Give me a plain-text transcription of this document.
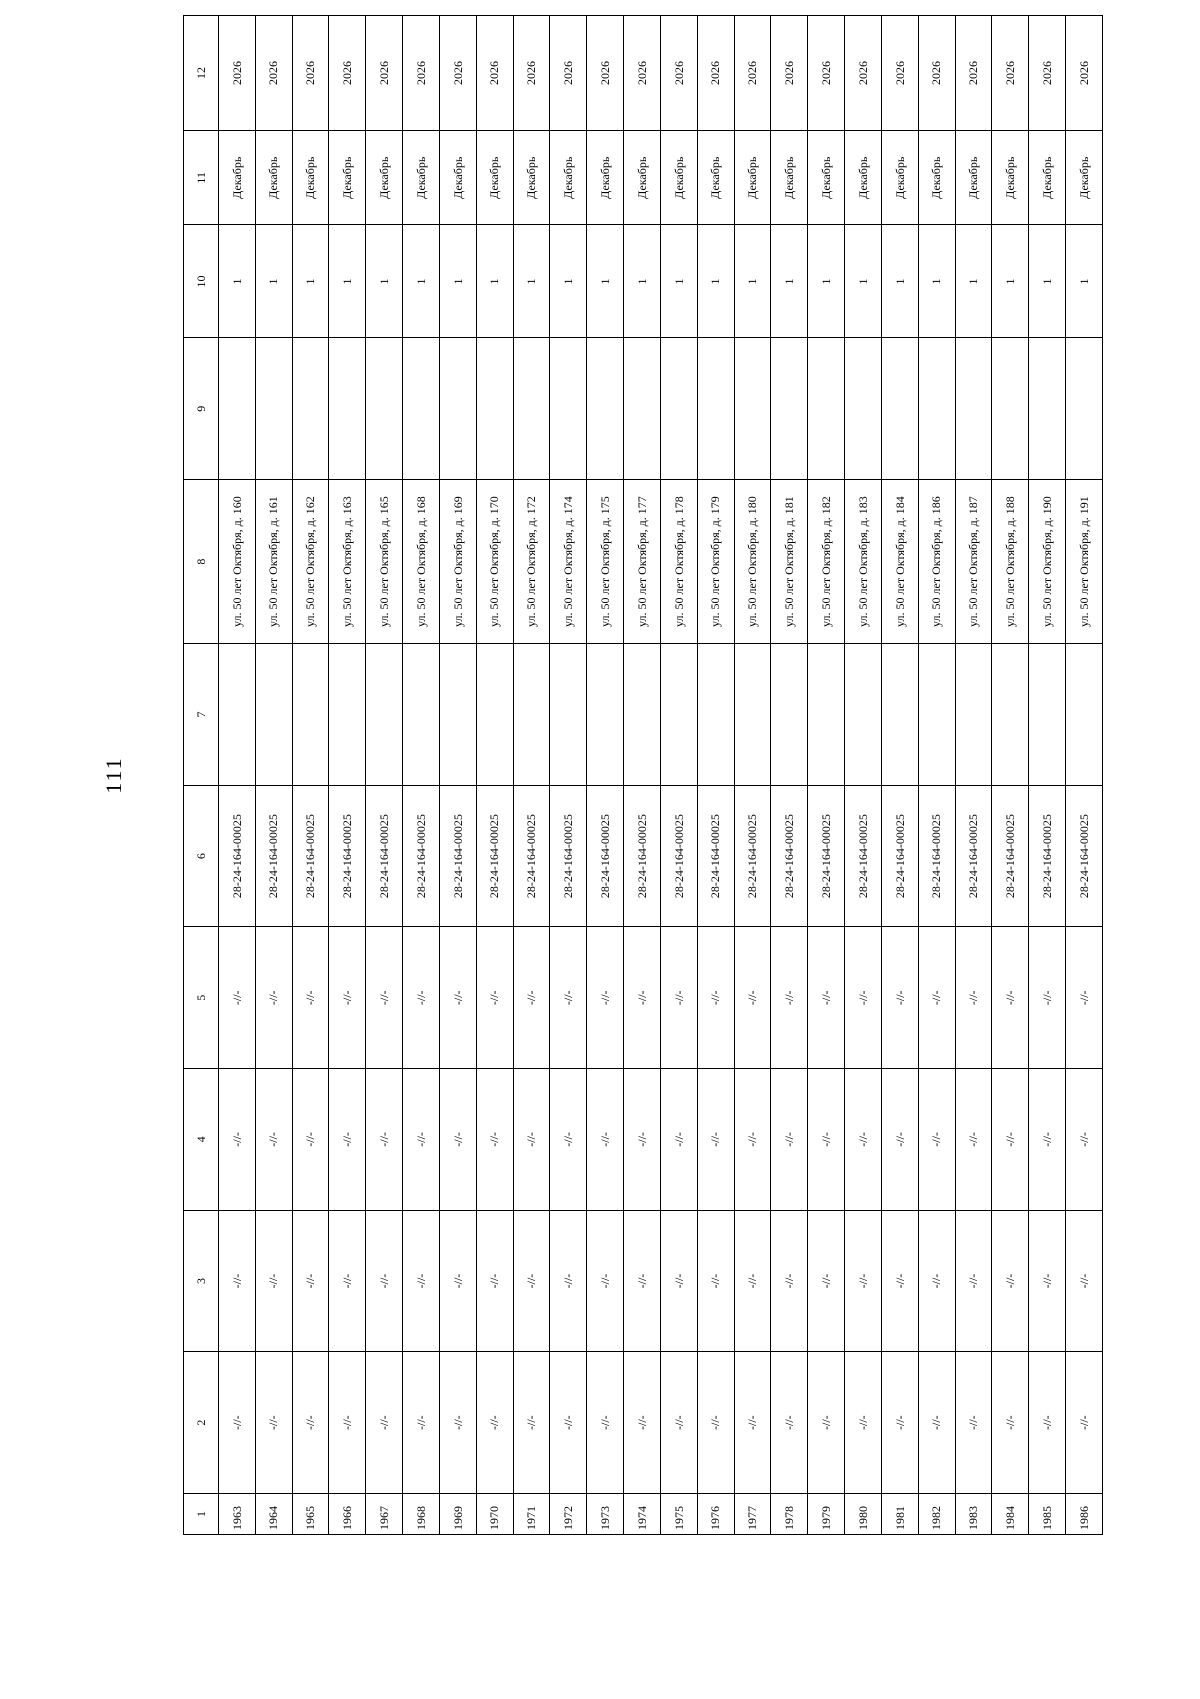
111
1	2	3	4	5	6	7	8	9	10	11	12
1963	-//-	-//-	-//-	-//-	28-24-164-00025		ул. 50 лет Октября, д. 160		1	Декабрь	2026
1964	-//-	-//-	-//-	-//-	28-24-164-00025		ул. 50 лет Октября, д. 161		1	Декабрь	2026
1965	-//-	-//-	-//-	-//-	28-24-164-00025		ул. 50 лет Октября, д. 162		1	Декабрь	2026
1966	-//-	-//-	-//-	-//-	28-24-164-00025		ул. 50 лет Октября, д. 163		1	Декабрь	2026
1967	-//-	-//-	-//-	-//-	28-24-164-00025		ул. 50 лет Октября, д. 165		1	Декабрь	2026
1968	-//-	-//-	-//-	-//-	28-24-164-00025		ул. 50 лет Октября, д. 168		1	Декабрь	2026
1969	-//-	-//-	-//-	-//-	28-24-164-00025		ул. 50 лет Октября, д. 169		1	Декабрь	2026
1970	-//-	-//-	-//-	-//-	28-24-164-00025		ул. 50 лет Октября, д. 170		1	Декабрь	2026
1971	-//-	-//-	-//-	-//-	28-24-164-00025		ул. 50 лет Октября, д. 172		1	Декабрь	2026
1972	-//-	-//-	-//-	-//-	28-24-164-00025		ул. 50 лет Октября, д. 174		1	Декабрь	2026
1973	-//-	-//-	-//-	-//-	28-24-164-00025		ул. 50 лет Октября, д. 175		1	Декабрь	2026
1974	-//-	-//-	-//-	-//-	28-24-164-00025		ул. 50 лет Октября, д. 177		1	Декабрь	2026
1975	-//-	-//-	-//-	-//-	28-24-164-00025		ул. 50 лет Октября, д. 178		1	Декабрь	2026
1976	-//-	-//-	-//-	-//-	28-24-164-00025		ул. 50 лет Октября, д. 179		1	Декабрь	2026
1977	-//-	-//-	-//-	-//-	28-24-164-00025		ул. 50 лет Октября, д. 180		1	Декабрь	2026
1978	-//-	-//-	-//-	-//-	28-24-164-00025		ул. 50 лет Октября, д. 181		1	Декабрь	2026
1979	-//-	-//-	-//-	-//-	28-24-164-00025		ул. 50 лет Октября, д. 182		1	Декабрь	2026
1980	-//-	-//-	-//-	-//-	28-24-164-00025		ул. 50 лет Октября, д. 183		1	Декабрь	2026
1981	-//-	-//-	-//-	-//-	28-24-164-00025		ул. 50 лет Октября, д. 184		1	Декабрь	2026
1982	-//-	-//-	-//-	-//-	28-24-164-00025		ул. 50 лет Октября, д. 186		1	Декабрь	2026
1983	-//-	-//-	-//-	-//-	28-24-164-00025		ул. 50 лет Октября, д. 187		1	Декабрь	2026
1984	-//-	-//-	-//-	-//-	28-24-164-00025		ул. 50 лет Октября, д. 188		1	Декабрь	2026
1985	-//-	-//-	-//-	-//-	28-24-164-00025		ул. 50 лет Октября, д. 190		1	Декабрь	2026
1986	-//-	-//-	-//-	-//-	28-24-164-00025		ул. 50 лет Октября, д. 191		1	Декабрь	2026
